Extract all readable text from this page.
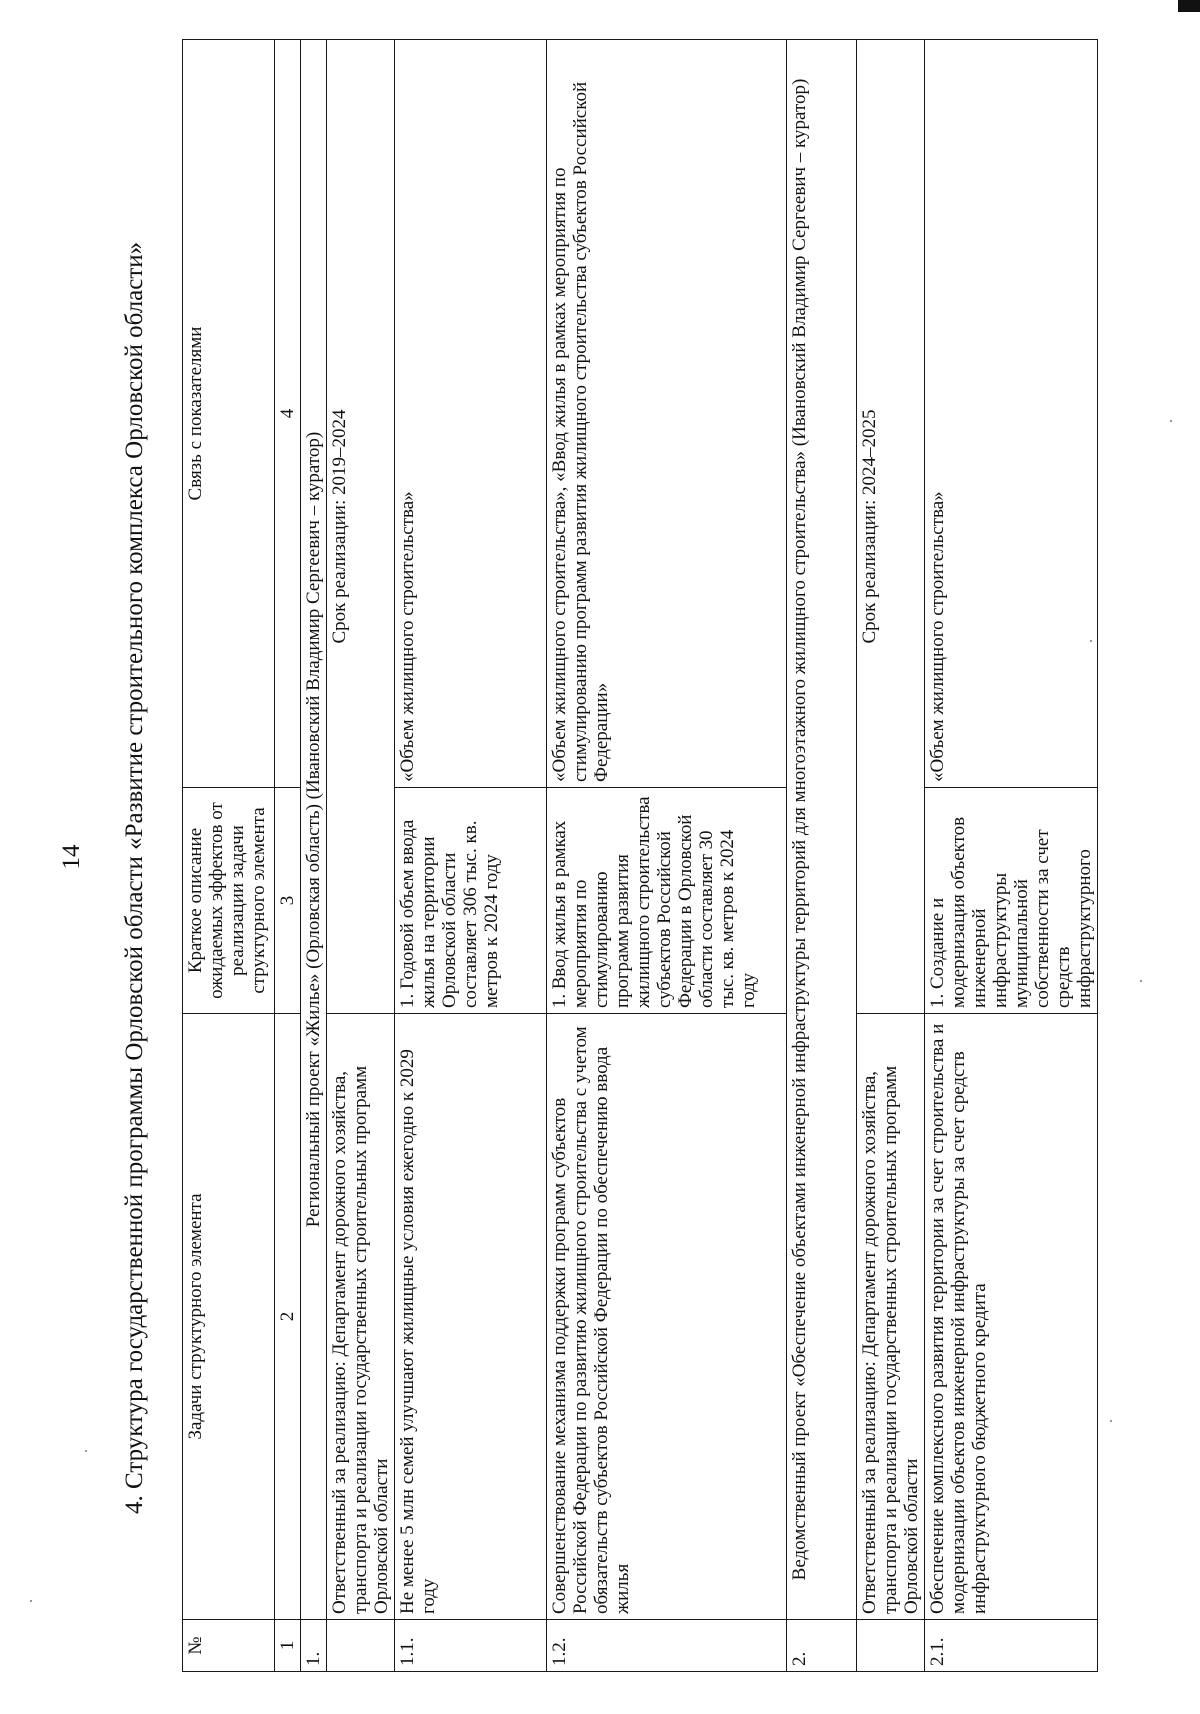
14 4. Структура государственной программы Орловской области «Развитие строительного комплекса Орловской области»
№	Задачи структурного элемента	Краткое описание ожидаемых эффектов от реализации задачи структурного элемента	Связь с показателями
1	2	3	4
1.	Региональный проект «Жилье» (Орловская область) (Ивановский Владимир Сергеевич – куратор)		
	Ответственный за реализацию: Департамент дорожного хозяйства, транспорта и реализации государственных строительных программ Орловской области	Срок реализации: 2019–2024	
1.1.	Не менее 5 млн семей улучшают жилищные условия ежегодно к 2029 году	1. Годовой объем ввода жилья на территории Орловской области составляет 306 тыс. кв. метров к 2024 году	«Объем жилищного строительства»
1.2.	Совершенствование механизма поддержки программ субъектов Российской Федерации по развитию жилищного строительства с учетом обязательств субъектов Российской Федерации по обеспечению ввода жилья	1. Ввод жилья в рамках мероприятия по стимулированию программ развития жилищного строительства субъектов Российской Федерации в Орловской области составляет 30 тыс. кв. метров к 2024 году	«Объем жилищного строительства», «Ввод жилья в рамках мероприятия по стимулированию программ развития жилищного строительства субъектов Российской Федерации»
2.	Ведомственный проект «Обеспечение объектами инженерной инфраструктуры территорий для многоэтажного жилищного строительства» (Ивановский Владимир Сергеевич – куратор)		
	Ответственный за реализацию: Департамент дорожного хозяйства, транспорта и реализации государственных строительных программ Орловской области	Срок реализации: 2024–2025	
2.1.	Обеспечение комплексного развития территории за счет строительства и модернизации объектов инженерной инфраструктуры за счет средств инфраструктурного бюджетного кредита	1. Создание и модернизация объектов инженерной инфраструктуры муниципальной собственности за счет средств инфраструктурного	«Объем жилищного строительства»
